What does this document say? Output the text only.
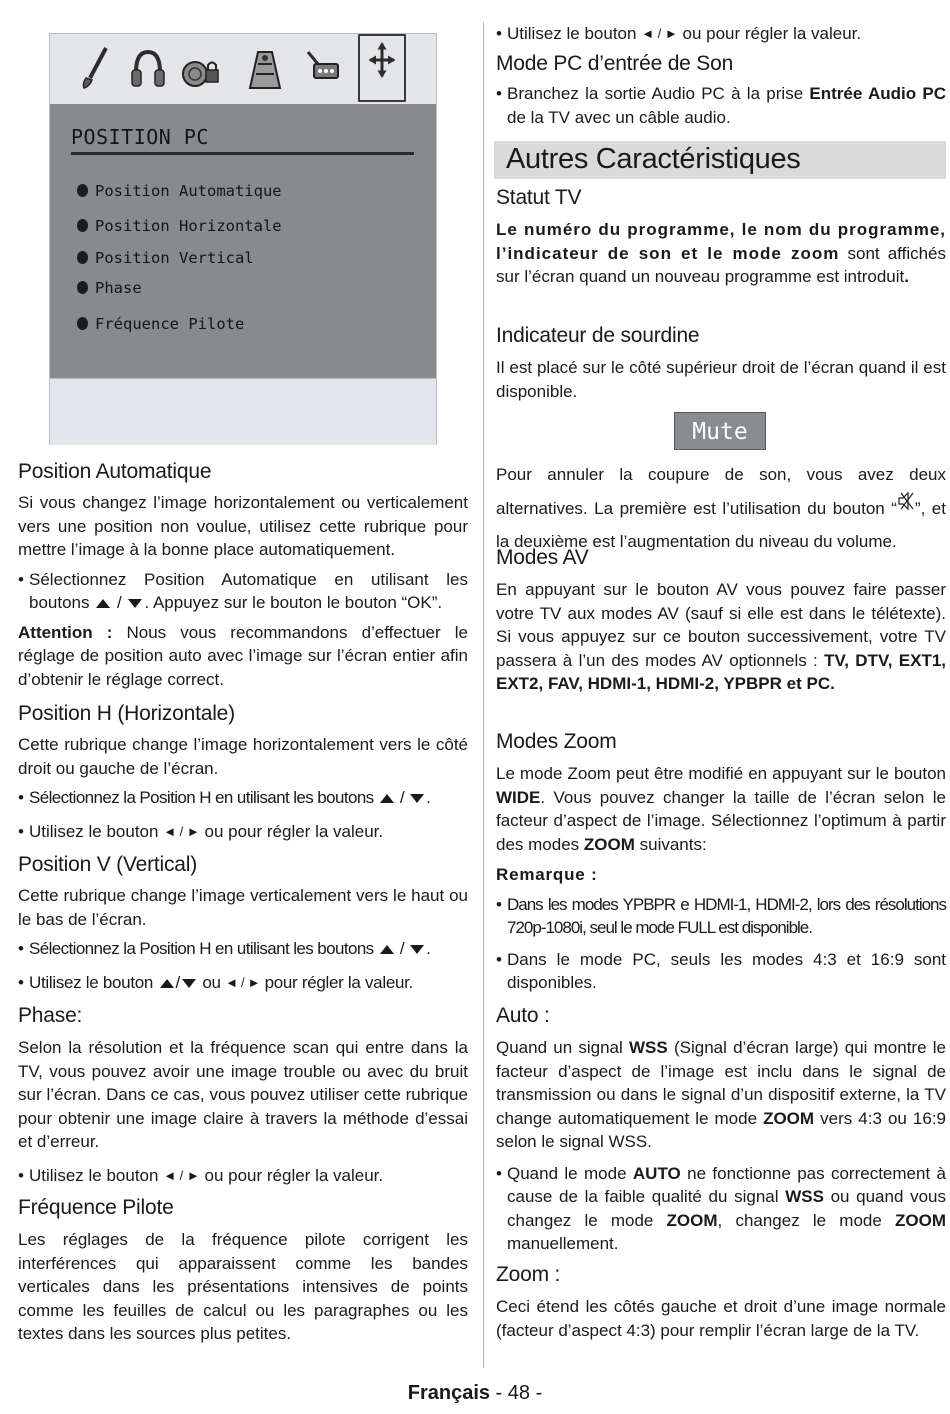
POSITION PC
Position Automatique
Position Horizontale
Position Vertical
Phase
Fréquence Pilote
Position Automatique

Si vous changez l’image horizontalement ou verticalement vers une position non voulue, utilisez cette rubrique pour mettre l’image à la bonne place automatiquement.

• Sélectionnez Position Automatique en utilisant les boutons / . Appuyez sur le bouton le bouton “OK”.

Attention : Nous vous recommandons d’effectuer le réglage de position auto avec l’image sur l’écran entier afin d’obtenir le réglage correct.

Position H (Horizontale)

Cette rubrique change l’image horizontalement vers le côté droit ou gauche de l’écran.

• Sélectionnez la Position H en utilisant les boutons / .

• Utilisez le bouton ◄ / ► ou pour régler la valeur.

Position V (Vertical)

Cette rubrique change l’image verticalement vers le haut ou le bas de l’écran.

• Sélectionnez la Position H en utilisant les boutons / .

• Utilisez le bouton / ou ◄ / ► pour régler la valeur.

Phase:

Selon la résolution et la fréquence scan qui entre dans la TV, vous pouvez avoir une image trouble ou avec du bruit sur l’écran. Dans ce cas, vous pouvez utiliser cette rubrique pour obtenir une image claire à travers la méthode d’essai et d’erreur.

• Utilisez le bouton ◄ / ► ou pour régler la valeur.

Fréquence Pilote

Les réglages de la fréquence pilote corrigent les interférences qui apparaissent comme les bandes verticales dans les présentations intensives de points comme les feuilles de calcul ou les paragraphes ou les textes dans les sources plus petites.

• Utilisez le bouton ◄ / ► ou pour régler la valeur.

Mode PC d’entrée de Son

• Branchez la sortie Audio PC à la prise Entrée Audio PC de la TV avec un câble audio.

Autres Caractéristiques
Statut TV

Le numéro du programme, le nom du programme, l’indicateur de son et le mode zoom sont affichés sur l’écran quand un nouveau programme est introduit.

Indicateur de sourdine

Il est placé sur le côté supérieur droit de l’écran quand il est disponible.

Mute

Pour annuler la coupure de son, vous avez deux alternatives. La première est l’utilisation du bouton “ ”, et la deuxième est l’augmentation du niveau du volume.

Modes AV

En appuyant sur le bouton AV vous pouvez faire passer votre TV aux modes AV (sauf si elle est dans le télétexte). Si vous appuyez sur ce bouton successivement, votre TV passera à l’un des modes AV optionnels : TV, DTV, EXT1, EXT2, FAV, HDMI-1, HDMI-2, YPBPR et PC.

Modes Zoom

Le mode Zoom peut être modifié en appuyant sur le bouton WIDE. Vous pouvez changer la taille de l’écran selon le facteur d’aspect de l’image. Sélectionnez l’optimum à partir des modes ZOOM suivants:

Remarque :

• Dans les modes YPBPR e HDMI-1, HDMI-2, lors des résolutions 720p-1080i, seul le mode FULL est disponible.

• Dans le mode PC, seuls les modes 4:3 et 16:9 sont disponibles.

Auto :

Quand un signal WSS (Signal d’écran large) qui montre le facteur d’aspect de l’image est inclu dans le signal de transmission ou dans le signal d’un dispositif externe, la TV change automatiquement le mode ZOOM vers 4:3 ou 16:9 selon le signal WSS.

• Quand le mode AUTO ne fonctionne pas correctement à cause de la faible qualité du signal WSS ou quand vous changez le mode ZOOM, changez le mode ZOOM manuellement.

Zoom :

Ceci étend les côtés gauche et droit d’une image normale (facteur d’aspect 4:3) pour remplir l’écran large de la TV.

Français - 48 -
